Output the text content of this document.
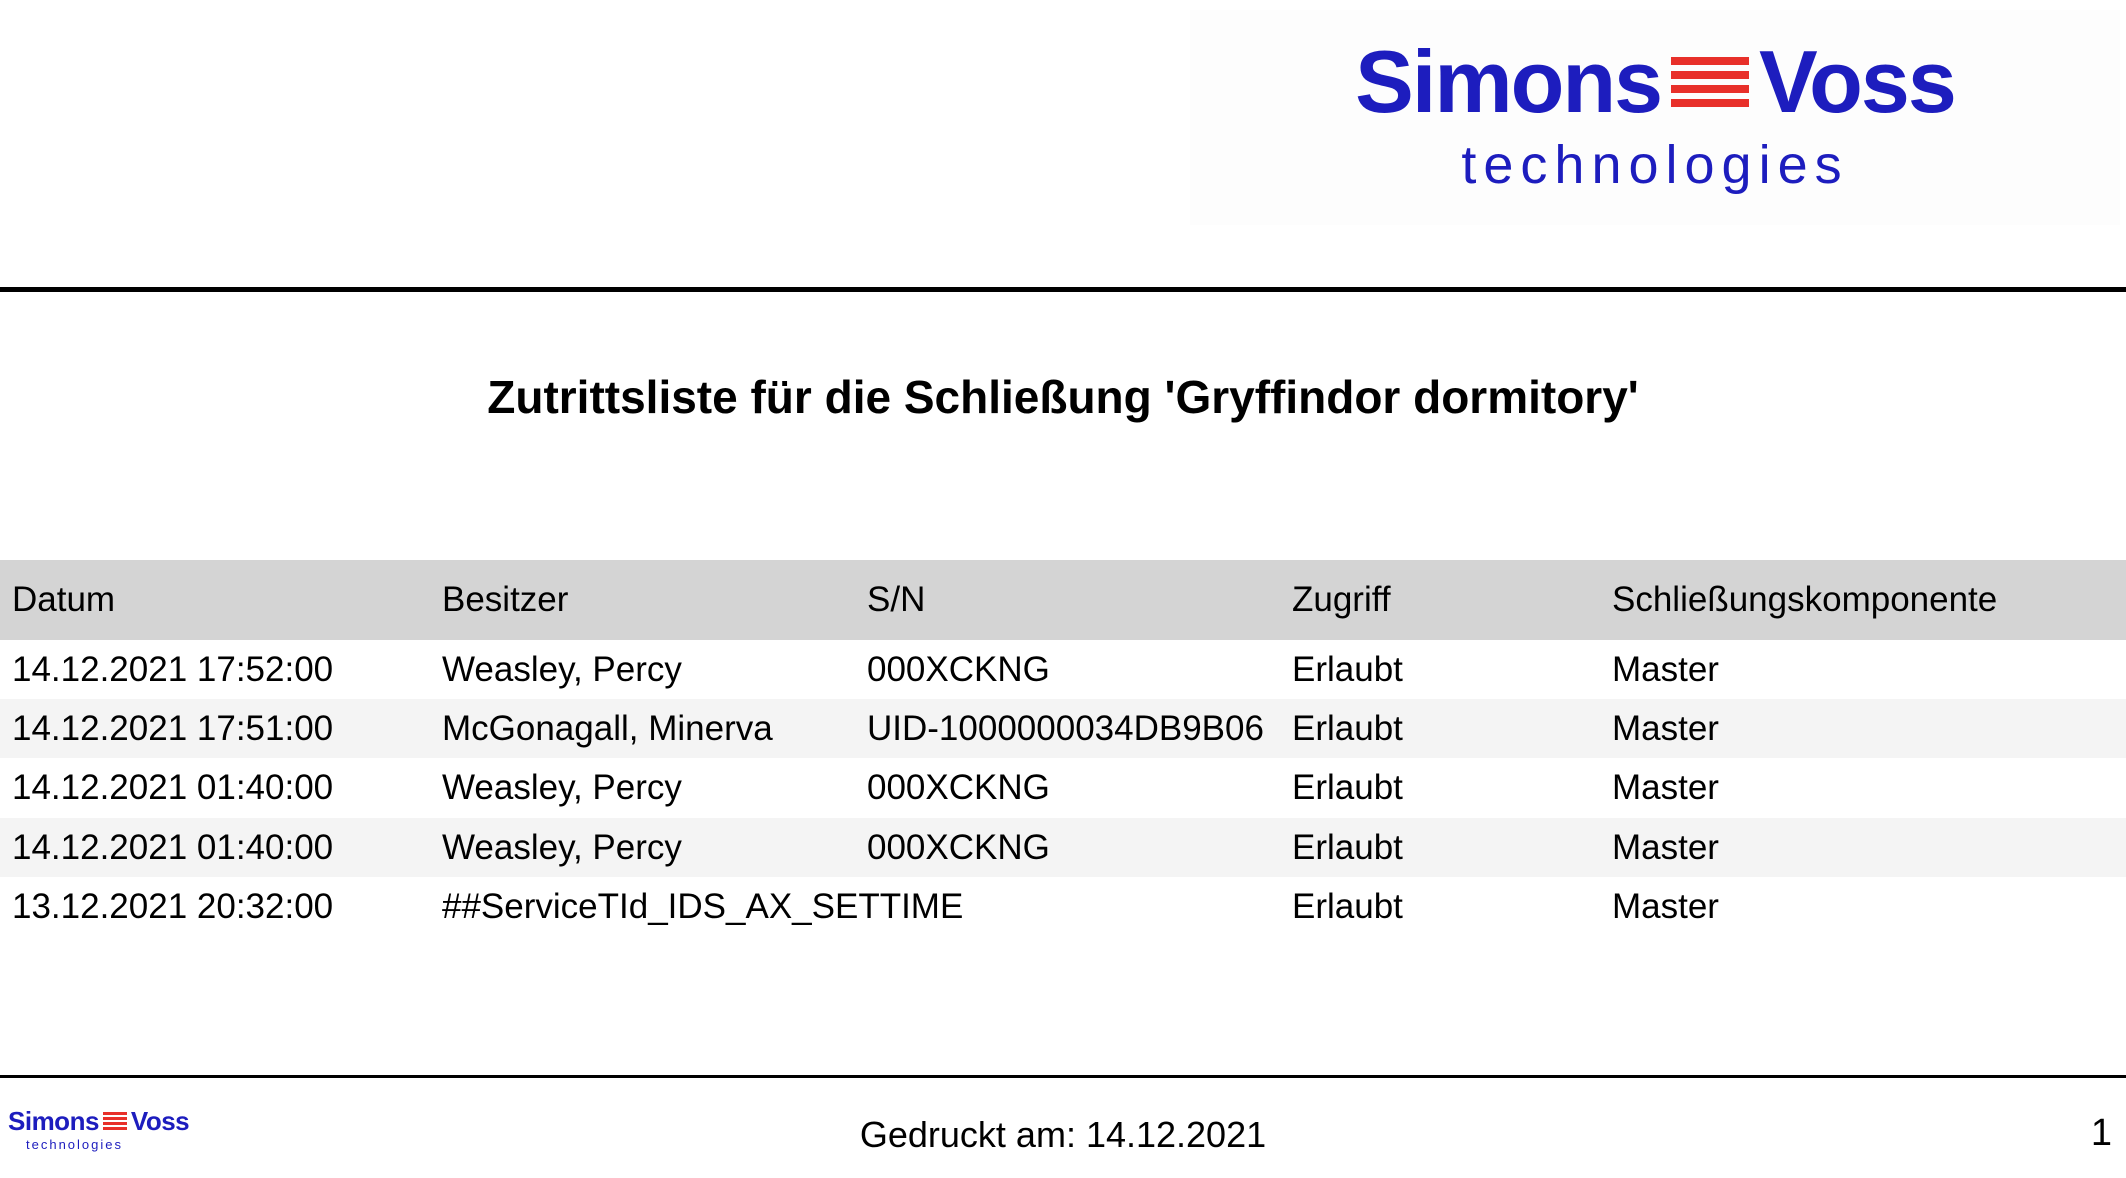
Simons Voss
technologies
Zutrittsliste für die Schließung 'Gryffindor dormitory'
Datum	Besitzer	S/N	Zugriff	Schließungskomponente
14.12.2021 17:52:00	Weasley, Percy	000XCKNG	Erlaubt	Master
14.12.2021 17:51:00	McGonagall, Minerva	UID-1000000034DB9B06	Erlaubt	Master
14.12.2021 01:40:00	Weasley, Percy	000XCKNG	Erlaubt	Master
14.12.2021 01:40:00	Weasley, Percy	000XCKNG	Erlaubt	Master
13.12.2021 20:32:00	##ServiceTId_IDS_AX_SETTIME		Erlaubt	Master
Simons Voss
technologies	Gedruckt am: 14.12.2021	1
